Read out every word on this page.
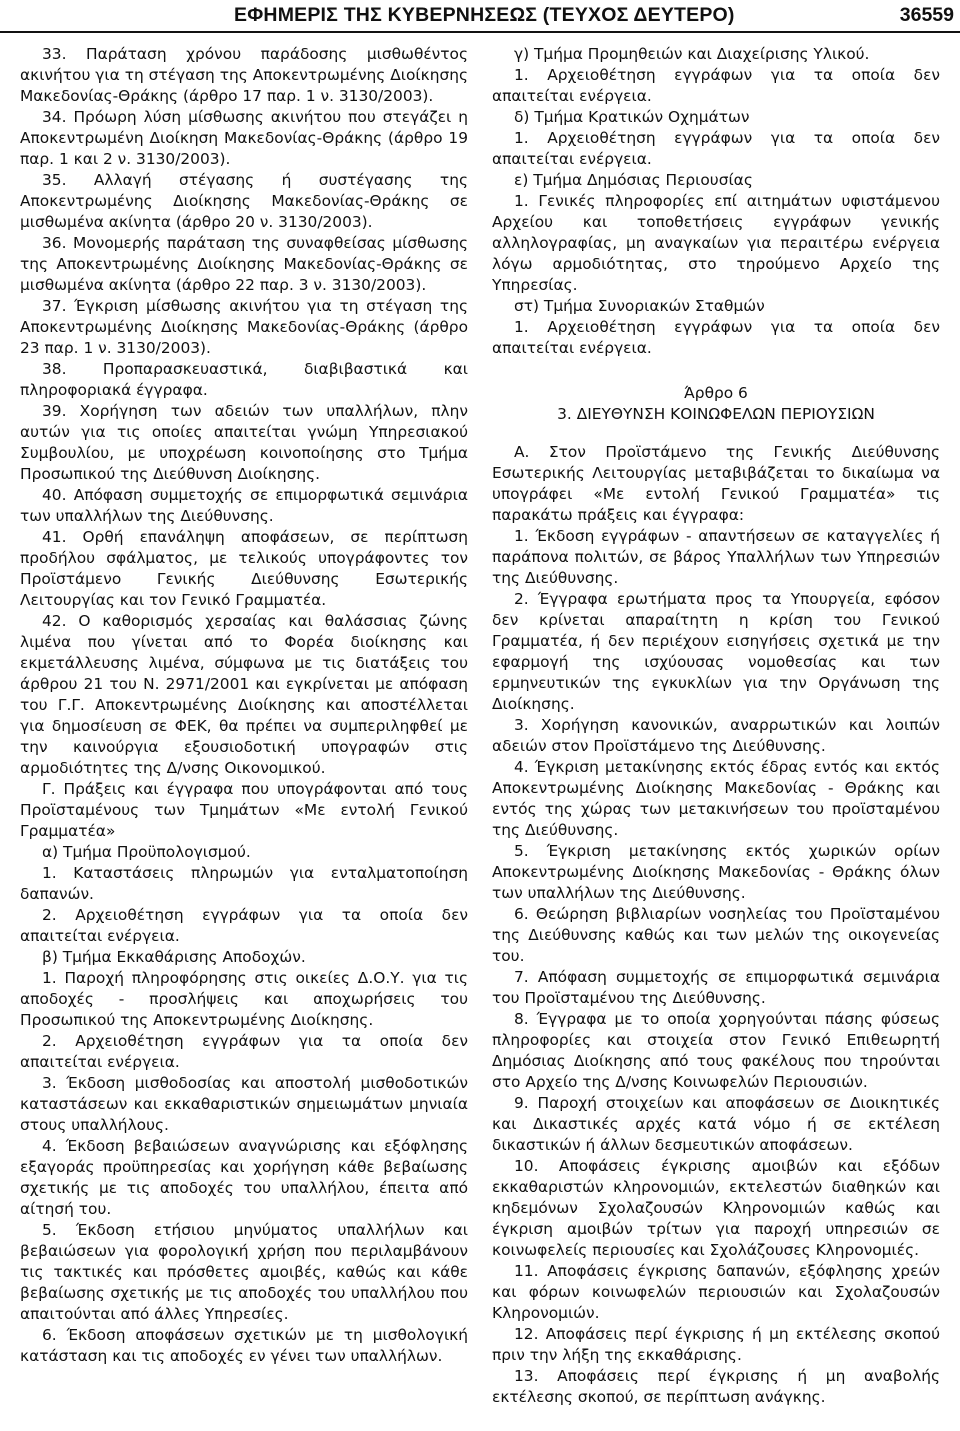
ΕΦΗΜΕΡΙΣ ΤΗΣ ΚΥΒΕΡΝΗΣΕΩΣ (ΤΕΥΧΟΣ ΔΕΥΤΕΡΟ)	36559

33. Παράταση χρόνου παράδοσης μισθωθέντος ακινήτου για τη στέγαση της Αποκεντρωμένης Διοίκησης Μακεδονίας-Θράκης (άρθρο 17 παρ. 1 ν. 3130/2003).

34. Πρόωρη λύση μίσθωσης ακινήτου που στεγάζει η Αποκεντρωμένη Διοίκηση Μακεδονίας-Θράκης (άρθρο 19 παρ. 1 και 2 ν. 3130/2003).

35. Αλλαγή στέγασης ή συστέγασης της Αποκεντρωμένης Διοίκησης Μακεδονίας-Θράκης σε μισθωμένα ακίνητα (άρθρο 20 ν. 3130/2003).

36. Μονομερής παράταση της συναφθείσας μίσθωσης της Αποκεντρωμένης Διοίκησης Μακεδονίας-Θράκης σε μισθωμένα ακίνητα (άρθρο 22 παρ. 3 ν. 3130/2003).

37. Έγκριση μίσθωσης ακινήτου για τη στέγαση της Αποκεντρωμένης Διοίκησης Μακεδονίας-Θράκης (άρθρο 23 παρ. 1 ν. 3130/2003).

38. Προπαρασκευαστικά, διαβιβαστικά και πληροφοριακά έγγραφα.

39. Χορήγηση των αδειών των υπαλλήλων, πλην αυτών για τις οποίες απαιτείται γνώμη Υπηρεσιακού Συμβουλίου, με υποχρέωση κοινοποίησης στο Τμήμα Προσωπικού της Διεύθυνση Διοίκησης.

40. Απόφαση συμμετοχής σε επιμορφωτικά σεμινάρια των υπαλλήλων της Διεύθυνσης.

41. Ορθή επανάληψη αποφάσεων, σε περίπτωση προδήλου σφάλματος, με τελικούς υπογράφοντες τον Προϊστάμενο Γενικής Διεύθυνσης Εσωτερικής Λειτουργίας και τον Γενικό Γραμματέα.

42. Ο καθορισμός χερσαίας και θαλάσσιας ζώνης λιμένα που γίνεται από το Φορέα διοίκησης και εκμετάλλευσης λιμένα, σύμφωνα με τις διατάξεις του άρθρου 21 του Ν. 2971/2001 και εγκρίνεται με απόφαση του Γ.Γ. Αποκεντρωμένης Διοίκησης και αποστέλλεται για δημοσίευση σε ΦΕΚ, θα πρέπει να συμπεριληφθεί με την καινούργια εξουσιοδοτική υπογραφών στις αρμοδιότητες της Δ/νσης Οικονομικού.

Γ. Πράξεις και έγγραφα που υπογράφονται από τους Προϊσταμένους των Τμημάτων «Με εντολή Γενικού Γραμματέα»

α) Τμήμα Προϋπολογισμού.

1. Καταστάσεις πληρωμών για ενταλματοποίηση δαπανών.

2. Αρχειοθέτηση εγγράφων για τα οποία δεν απαιτείται ενέργεια.

β) Τμήμα Εκκαθάρισης Αποδοχών.

1. Παροχή πληροφόρησης στις οικείες Δ.Ο.Υ. για τις αποδοχές - προσλήψεις και αποχωρήσεις του Προσωπικού της Αποκεντρωμένης Διοίκησης.

2. Αρχειοθέτηση εγγράφων για τα οποία δεν απαιτείται ενέργεια.

3. Έκδοση μισθοδοσίας και αποστολή μισθοδοτικών καταστάσεων και εκκαθαριστικών σημειωμάτων μηνιαία στους υπαλλήλους.

4. Έκδοση βεβαιώσεων αναγνώρισης και εξόφλησης εξαγοράς προϋπηρεσίας και χορήγηση κάθε βεβαίωσης σχετικής με τις αποδοχές του υπαλλήλου, έπειτα από αίτησή του.

5. Έκδοση ετήσιου μηνύματος υπαλλήλων και βεβαιώσεων για φορολογική χρήση που περιλαμβάνουν τις τακτικές και πρόσθετες αμοιβές, καθώς και κάθε βεβαίωσης σχετικής με τις αποδοχές του υπαλλήλου που απαιτούνται από άλλες Υπηρεσίες.

6. Έκδοση αποφάσεων σχετικών με τη μισθολογική κατάσταση και τις αποδοχές εν γένει των υπαλλήλων.

γ) Τμήμα Προμηθειών και Διαχείρισης Υλικού.

1. Αρχειοθέτηση εγγράφων για τα οποία δεν απαιτείται ενέργεια.

δ) Τμήμα Κρατικών Οχημάτων

1. Αρχειοθέτηση εγγράφων για τα οποία δεν απαιτείται ενέργεια.

ε) Τμήμα Δημόσιας Περιουσίας

1. Γενικές πληροφορίες επί αιτημάτων υφιστάμενου Αρχείου και τοποθετήσεις εγγράφων γενικής αλληλογραφίας, μη αναγκαίων για περαιτέρω ενέργεια λόγω αρμοδιότητας, στο τηρούμενο Αρχείο της Υπηρεσίας.

στ) Τμήμα Συνοριακών Σταθμών

1. Αρχειοθέτηση εγγράφων για τα οποία δεν απαιτείται ενέργεια.

Άρθρο 6

3. ΔΙΕΥΘΥΝΣΗ ΚΟΙΝΩΦΕΛΩΝ ΠΕΡΙΟΥΣΙΩΝ

Α. Στον Προϊστάμενο της Γενικής Διεύθυνσης Εσωτερικής Λειτουργίας μεταβιβάζεται το δικαίωμα να υπογράφει «Με εντολή Γενικού Γραμματέα» τις παρακάτω πράξεις και έγγραφα:

1. Έκδοση εγγράφων - απαντήσεων σε καταγγελίες ή παράπονα πολιτών, σε βάρος Υπαλλήλων των Υπηρεσιών της Διεύθυνσης.

2. Έγγραφα ερωτήματα προς τα Υπουργεία, εφόσον δεν κρίνεται απαραίτητη η κρίση του Γενικού Γραμματέα, ή δεν περιέχουν εισηγήσεις σχετικά με την εφαρμογή της ισχύουσας νομοθεσίας και των ερμηνευτικών της εγκυκλίων για την Οργάνωση της Διοίκησης.

3. Χορήγηση κανονικών, αναρρωτικών και λοιπών αδειών στον Προϊστάμενο της Διεύθυνσης.

4. Έγκριση μετακίνησης εκτός έδρας εντός και εκτός Αποκεντρωμένης Διοίκησης Μακεδονίας - Θράκης και εντός της χώρας των μετακινήσεων του προϊσταμένου της Διεύθυνσης.

5. Έγκριση μετακίνησης εκτός χωρικών ορίων Αποκεντρωμένης Διοίκησης Μακεδονίας - Θράκης όλων των υπαλλήλων της Διεύθυνσης.

6. Θεώρηση βιβλιαρίων νοσηλείας του Προϊσταμένου της Διεύθυνσης καθώς και των μελών της οικογενείας του.

7. Απόφαση συμμετοχής σε επιμορφωτικά σεμινάρια του Προϊσταμένου της Διεύθυνσης.

8. Έγγραφα με το οποία χορηγούνται πάσης φύσεως πληροφορίες και στοιχεία στον Γενικό Επιθεωρητή Δημόσιας Διοίκησης από τους φακέλους που τηρούνται στο Αρχείο της Δ/νσης Κοινωφελών Περιουσιών.

9. Παροχή στοιχείων και αποφάσεων σε Διοικητικές και Δικαστικές αρχές κατά νόμο ή σε εκτέλεση δικαστικών ή άλλων δεσμευτικών αποφάσεων.

10. Αποφάσεις έγκρισης αμοιβών και εξόδων εκκαθαριστών κληρονομιών, εκτελεστών διαθηκών και κηδεμόνων Σχολαζουσών Κληρονομιών καθώς και έγκριση αμοιβών τρίτων για παροχή υπηρεσιών σε κοινωφελείς περιουσίες και Σχολάζουσες Κληρονομιές.

11. Αποφάσεις έγκρισης δαπανών, εξόφλησης χρεών και φόρων κοινωφελών περιουσιών και Σχολαζουσών Κληρονομιών.

12. Αποφάσεις περί έγκρισης ή μη εκτέλεσης σκοπού πριν την λήξη της εκκαθάρισης.

13. Αποφάσεις περί έγκρισης ή μη αναβολής εκτέλεσης σκοπού, σε περίπτωση ανάγκης.
